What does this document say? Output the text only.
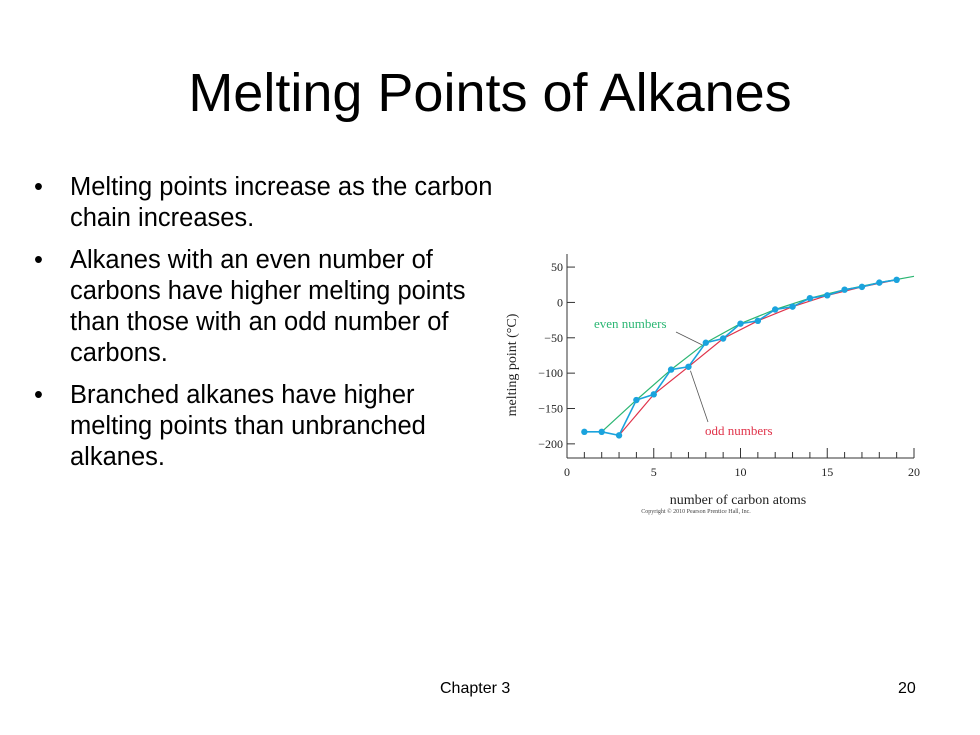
Melting Points of Alkanes
• Melting points increase as the carbon chain increases.
• Alkanes with an even number of carbons have higher melting points than those with an odd number of carbons.
• Branched alkanes have higher melting points than unbranched alkanes.
50
0
−50
−100
−150
−200
0	5	10	15	20
even numbers
odd numbers
melting point (°C)
number of carbon atoms
Copyright © 2010 Pearson Prentice Hall, Inc.
Chapter 3	20
